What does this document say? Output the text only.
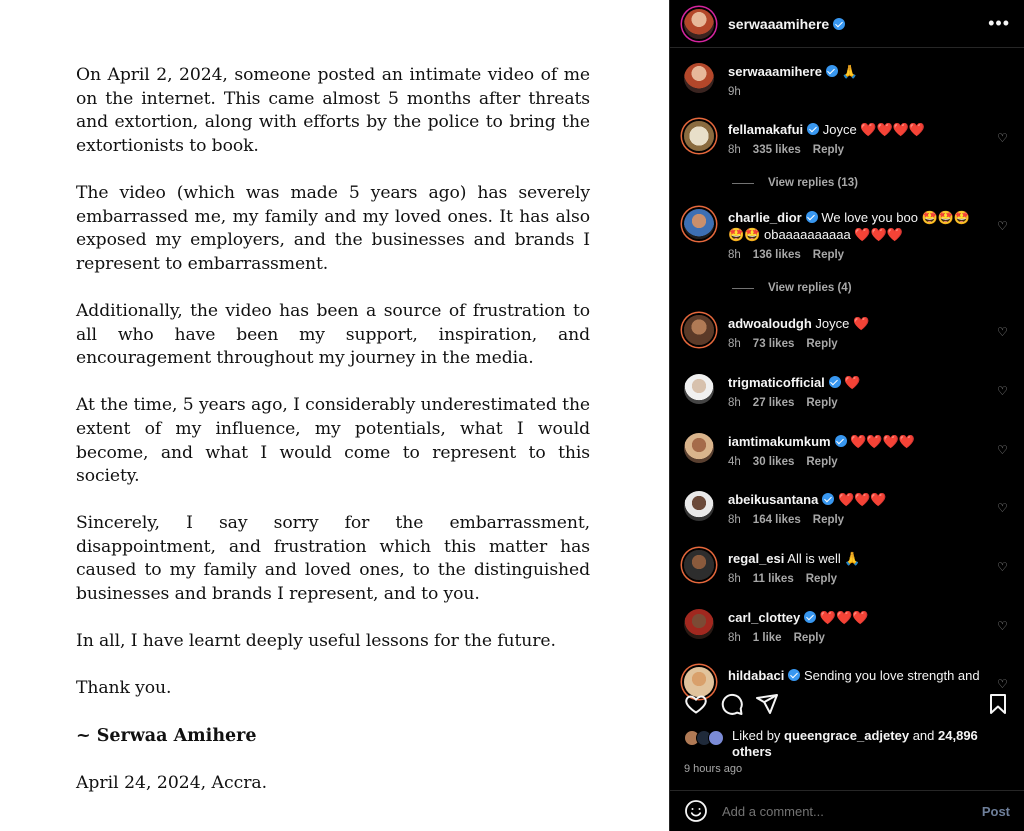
On April 2, 2024, someone posted an intimate video of me on the internet. This came almost 5 months after threats and extortion, along with efforts by the police to bring the extortionists to book.

The video (which was made 5 years ago) has severely embarrassed me, my family and my loved ones. It has also exposed my employers, and the businesses and brands I represent to embarrassment.

Additionally, the video has been a source of frustration to all who have been my support, inspiration, and encouragement throughout my journey in the media.

At the time, 5 years ago, I considerably underestimated the extent of my influence, my potentials, what I would become, and what I would come to represent to this society.

Sincerely, I say sorry for the embarrassment, disappointment, and frustration which this matter has caused to my family and loved ones, to the distinguished businesses and brands I represent, and to you.

In all, I have learnt deeply useful lessons for the future.

Thank you.

~ Serwaa Amihere

April 24, 2024, Accra.

serwaaamihere	•••
serwaaamihere 🙏
9h
fellamakafui Joyce ❤️❤️❤️❤️
8h 335 likes Reply
♡
View replies (13)
charlie_dior We love you boo 🤩🤩🤩🤩🤩 obaaaaaaaaaa ❤️❤️❤️
8h 136 likes Reply
♡
View replies (4)
adwoaloudgh Joyce ❤️
8h 73 likes Reply
♡
trigmaticofficial ❤️
8h 27 likes Reply
♡
iamtimakumkum ❤️❤️❤️❤️
4h 30 likes Reply
♡
abeikusantana ❤️❤️❤️
8h 164 likes Reply
♡
regal_esi All is well 🙏
8h 11 likes Reply
♡
carl_clottey ❤️❤️❤️
8h 1 like Reply
♡
hildabaci Sending you love strength and
♡
Liked by queengrace_adjetey and 24,896 others
9 hours ago
Add a comment...	Post
